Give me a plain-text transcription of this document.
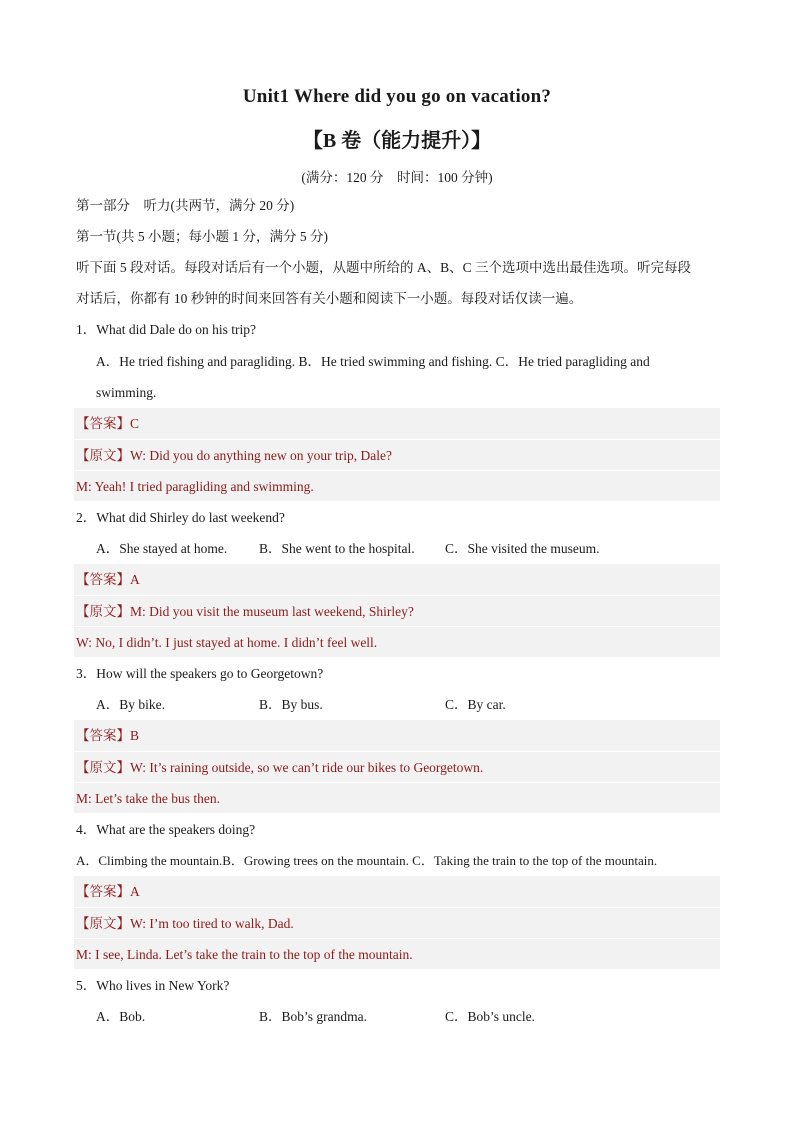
Unit1 Where did you go on vacation?
【B 卷（能力提升）】
(满分：120 分　时间：100 分钟)
第一部分　听力(共两节，满分 20 分)
第一节(共 5 小题；每小题 1 分，满分 5 分)
听下面 5 段对话。每段对话后有一个小题，从题中所给的 A、B、C 三个选项中选出最佳选项。听完每段
对话后，你都有 10 秒钟的时间来回答有关小题和阅读下一小题。每段对话仅读一遍。
1．What did Dale do on his trip?
A．He tried fishing and paragliding. B．He tried swimming and fishing. C．He tried paragliding and
swimming.
【答案】C
【原文】W: Did you do anything new on your trip, Dale?
M: Yeah! I tried paragliding and swimming.
2．What did Shirley do last weekend?
A．She stayed at home. B．She went to the hospital. C．She visited the museum.
【答案】A
【原文】M: Did you visit the museum last weekend, Shirley?
W: No, I didn’t. I just stayed at home. I didn’t feel well.
3．How will the speakers go to Georgetown?
A．By bike.	B．By bus.	C．By car.
【答案】B
【原文】W: It’s raining outside, so we can’t ride our bikes to Georgetown.
M: Let’s take the bus then.
4．What are the speakers doing?
A．Climbing the mountain.B．Growing trees on the mountain. C．Taking the train to the top of the mountain.
【答案】A
【原文】W: I’m too tired to walk, Dad.
M: I see, Linda. Let’s take the train to the top of the mountain.
5．Who lives in New York?
A．Bob.	B．Bob’s grandma.	C．Bob’s uncle.
